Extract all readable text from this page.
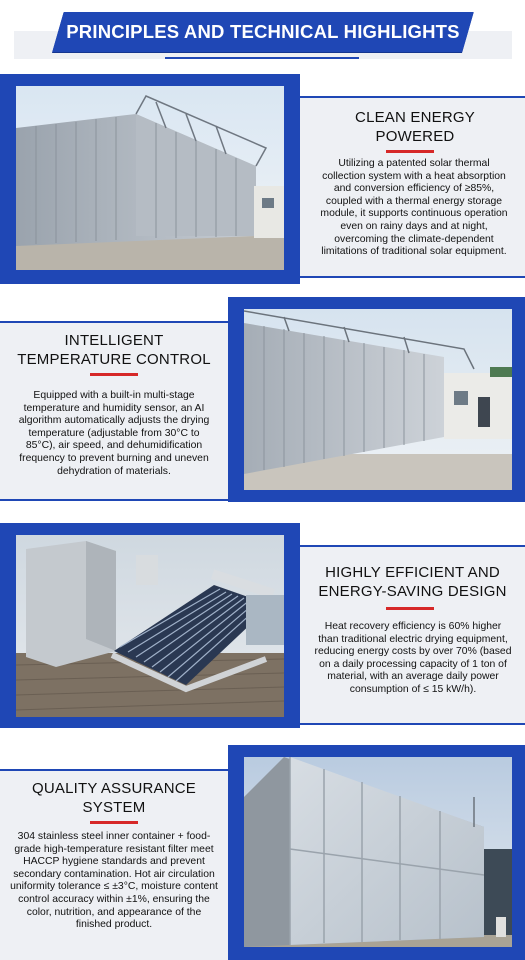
PRINCIPLES AND TECHNICAL HIGHLIGHTS
CLEAN ENERGY POWERED
Utilizing a patented solar thermal collection system with a heat absorption and conversion efficiency of ≥85%, coupled with a thermal energy storage module, it supports continuous operation even on rainy days and at night, overcoming the climate-dependent limitations of traditional solar equipment.
INTELLIGENT TEMPERATURE CONTROL
Equipped with a built-in multi-stage temperature and humidity sensor, an AI algorithm automatically adjusts the drying temperature (adjustable from 30°C to 85°C), air speed, and dehumidification frequency to prevent burning and uneven dehydration of materials.
HIGHLY EFFICIENT AND ENERGY-SAVING DESIGN
Heat recovery efficiency is 60% higher than traditional electric drying equipment, reducing energy costs by over 70% (based on a daily processing capacity of 1 ton of material, with an average daily power consumption of ≤ 15 kW/h).
QUALITY ASSURANCE SYSTEM
304 stainless steel inner container + food-grade high-temperature resistant filter meet HACCP hygiene standards and prevent secondary contamination. Hot air circulation uniformity tolerance ≤ ±3°C, moisture content control accuracy within ±1%, ensuring the color, nutrition, and appearance of the finished product.
